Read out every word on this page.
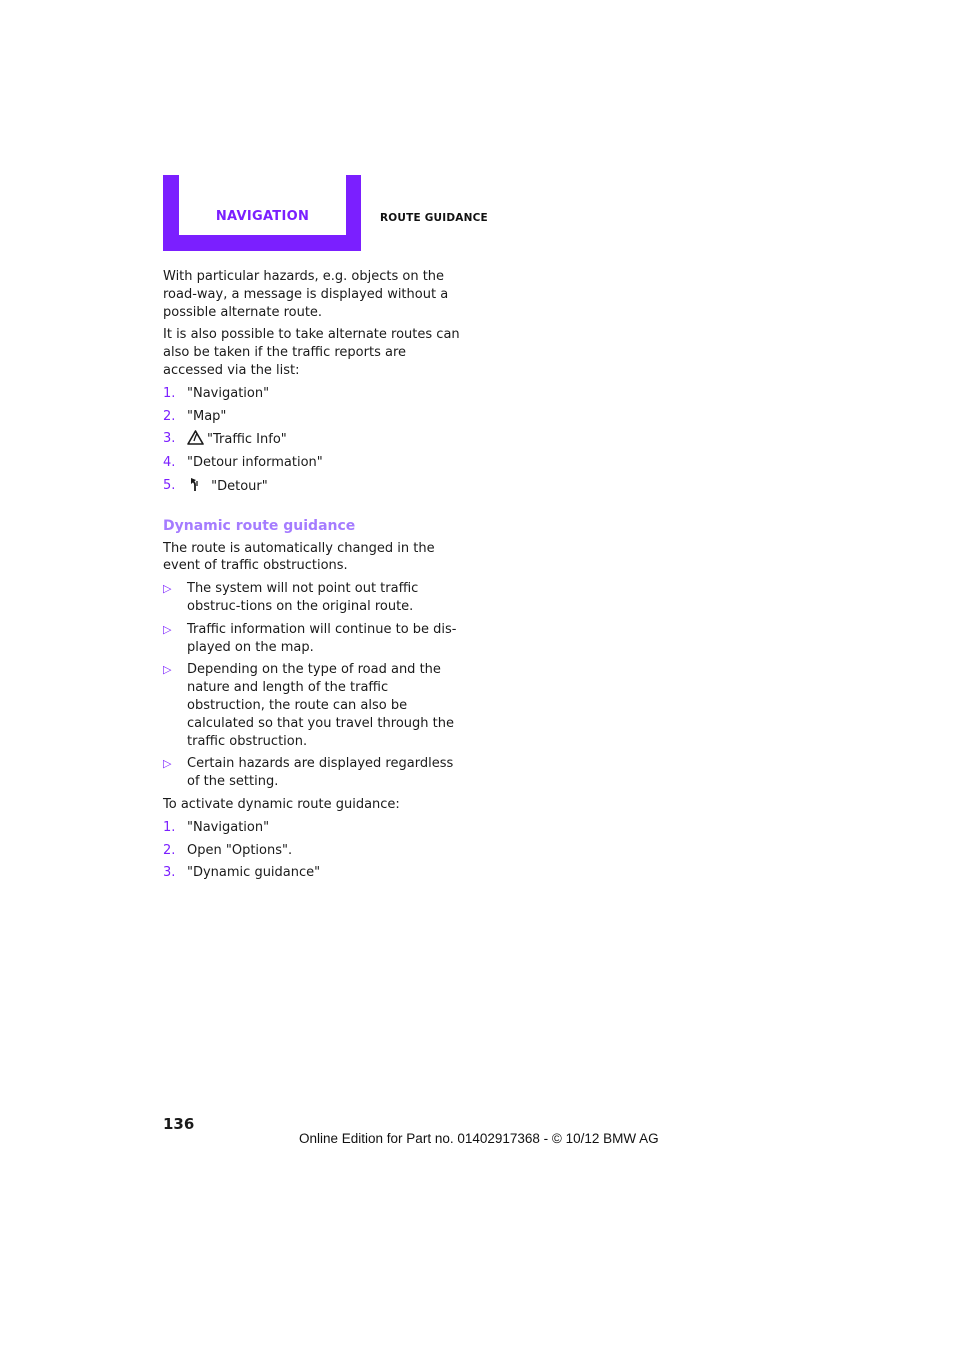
NAVIGATION	ROUTE GUIDANCE

With particular hazards, e.g. objects on the road-way, a message is displayed without a possible alternate route.

It is also possible to take alternate routes can also be taken if the traffic reports are accessed via the list:

1. "Navigation"
2. "Map"
3.	"Traffic Info"
4. "Detour information"
5.	"Detour"
Dynamic route guidance

The route is automatically changed in the event of traffic obstructions.

▷	The system will not point out traffic obstruc-tions on the original route.
▷	Traffic information will continue to be dis-played on the map.
▷	Depending on the type of road and the nature and length of the traffic obstruction, the route can also be calculated so that you travel through the traffic obstruction.
▷	Certain hazards are displayed regardless of the setting.

To activate dynamic route guidance:

1. "Navigation"
2. Open "Options".
3. "Dynamic guidance"
136
Online Edition for Part no. 01402917368 - © 10/12 BMW AG
